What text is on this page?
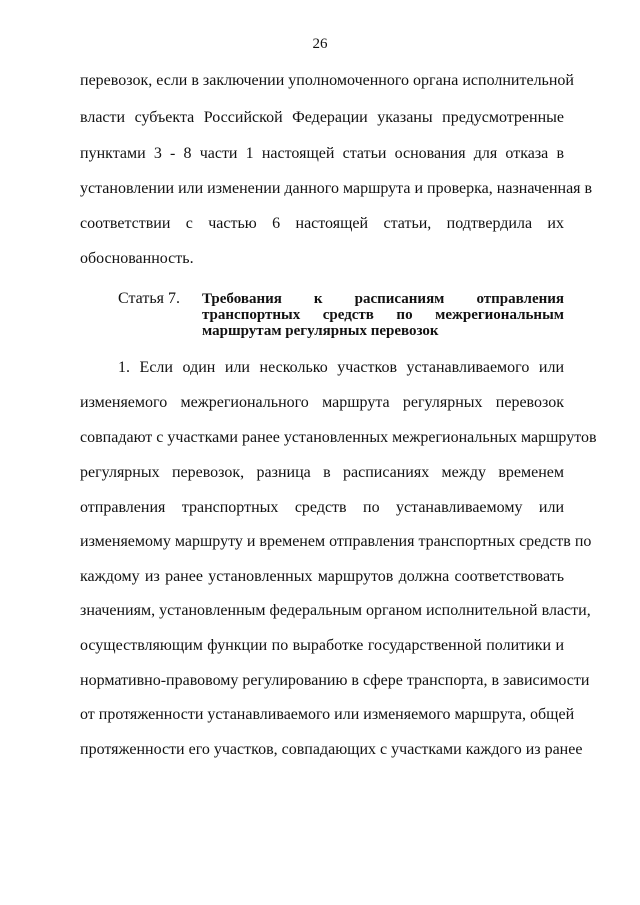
26
перевозок, если в заключении уполномоченного органа исполнительной
власти субъекта Российской Федерации указаны предусмотренные
пунктами 3 - 8 части 1 настоящей статьи основания для отказа в
установлении или изменении данного маршрута и проверка, назначенная в
соответствии с частью 6 настоящей статьи, подтвердила их
обоснованность.
Статья 7. Требования к расписаниям отправления
транспортных средств по межрегиональным
маршрутам регулярных перевозок
1. Если один или несколько участков устанавливаемого или
изменяемого межрегионального маршрута регулярных перевозок
совпадают с участками ранее установленных межрегиональных маршрутов
регулярных перевозок, разница в расписаниях между временем
отправления транспортных средств по устанавливаемому или
изменяемому маршруту и временем отправления транспортных средств по
каждому из ранее установленных маршрутов должна соответствовать
значениям, установленным федеральным органом исполнительной власти,
осуществляющим функции по выработке государственной политики и
нормативно-правовому регулированию в сфере транспорта, в зависимости
от протяженности устанавливаемого или изменяемого маршрута, общей
протяженности его участков, совпадающих с участками каждого из ранее
